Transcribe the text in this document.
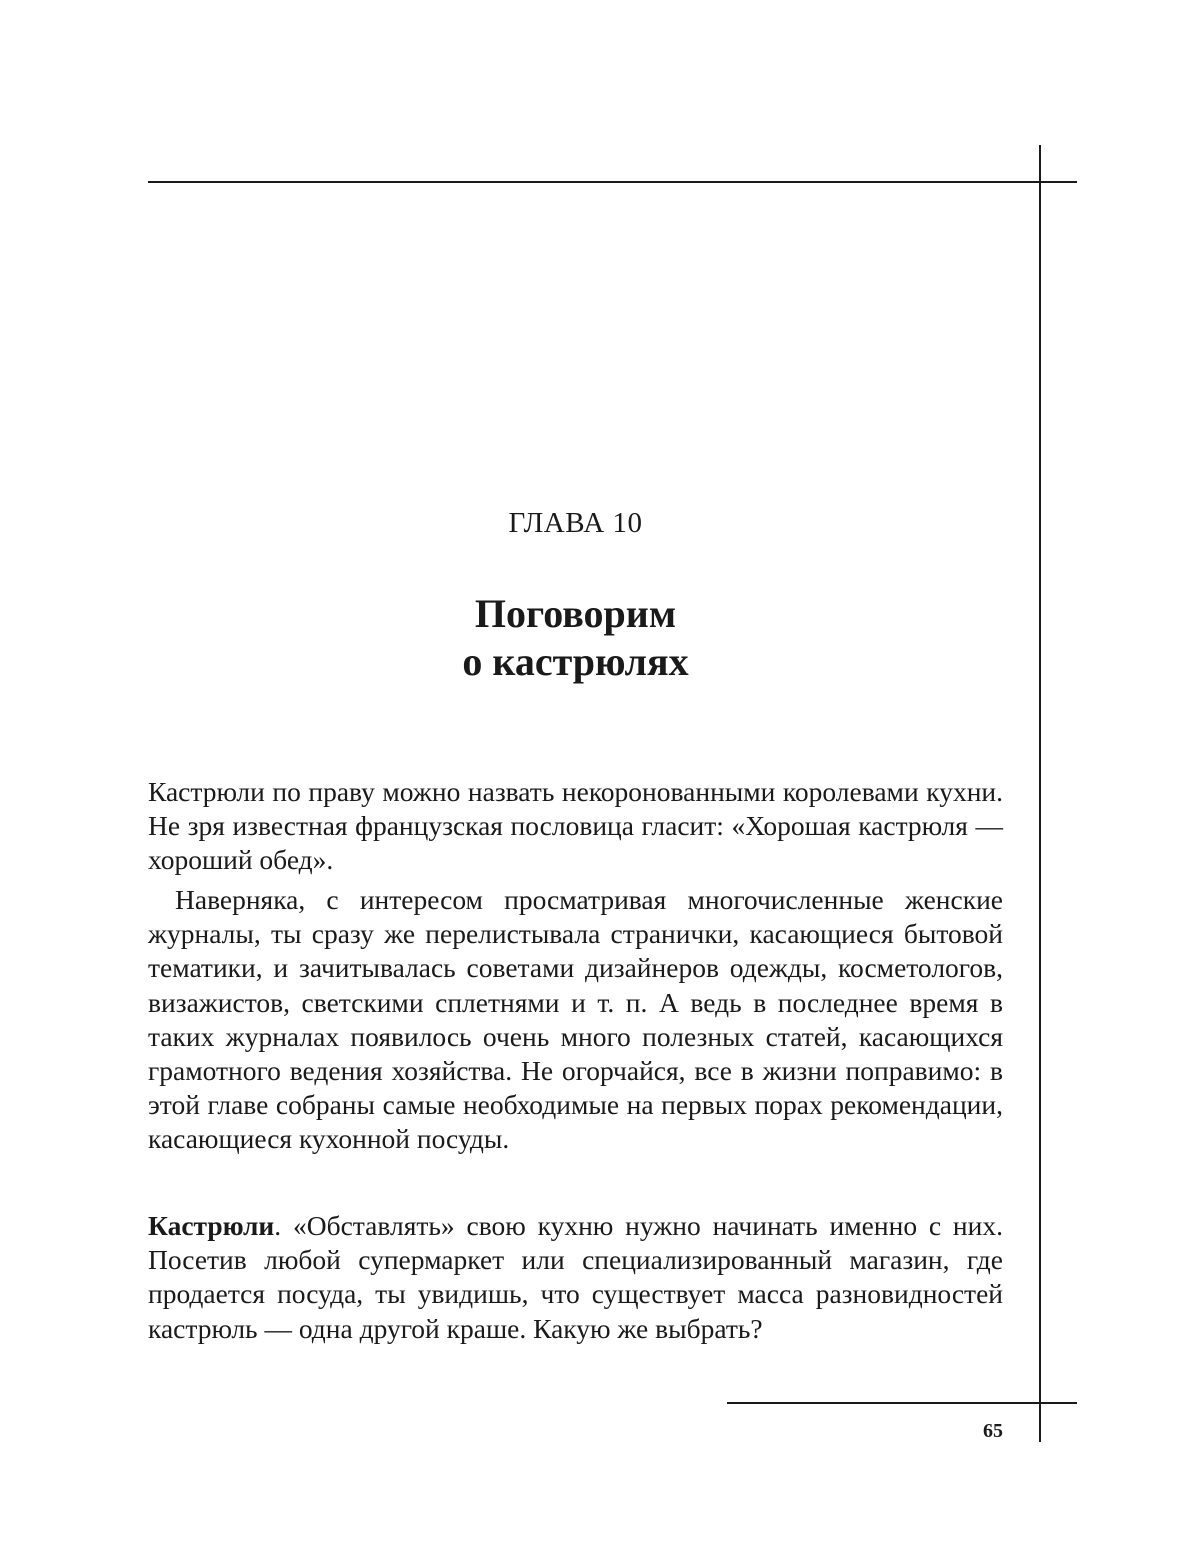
ГЛАВА 10
Поговорим
о кастрюлях

Кастрюли по праву можно назвать некоронованными королевами кухни. Не зря известная французская пословица гласит: «Хорошая кастрюля — хороший обед».

Наверняка, с интересом просматривая многочисленные женские журналы, ты сразу же перелистывала странички, касающиеся бытовой тематики, и зачитывалась советами дизайнеров одежды, косметологов, визажистов, светскими сплетнями и т. п. А ведь в последнее время в таких журналах появилось очень много полезных статей, касающихся грамотного ведения хозяйства. Не огорчайся, все в жизни поправимо: в этой главе собраны самые необходимые на первых порах рекомендации, касающиеся кухонной посуды.

Кастрюли. «Обставлять» свою кухню нужно начинать именно с них. Посетив любой супермаркет или специализированный магазин, где продается посуда, ты увидишь, что существует масса разновидностей кастрюль — одна другой краше. Какую же выбрать?

65
